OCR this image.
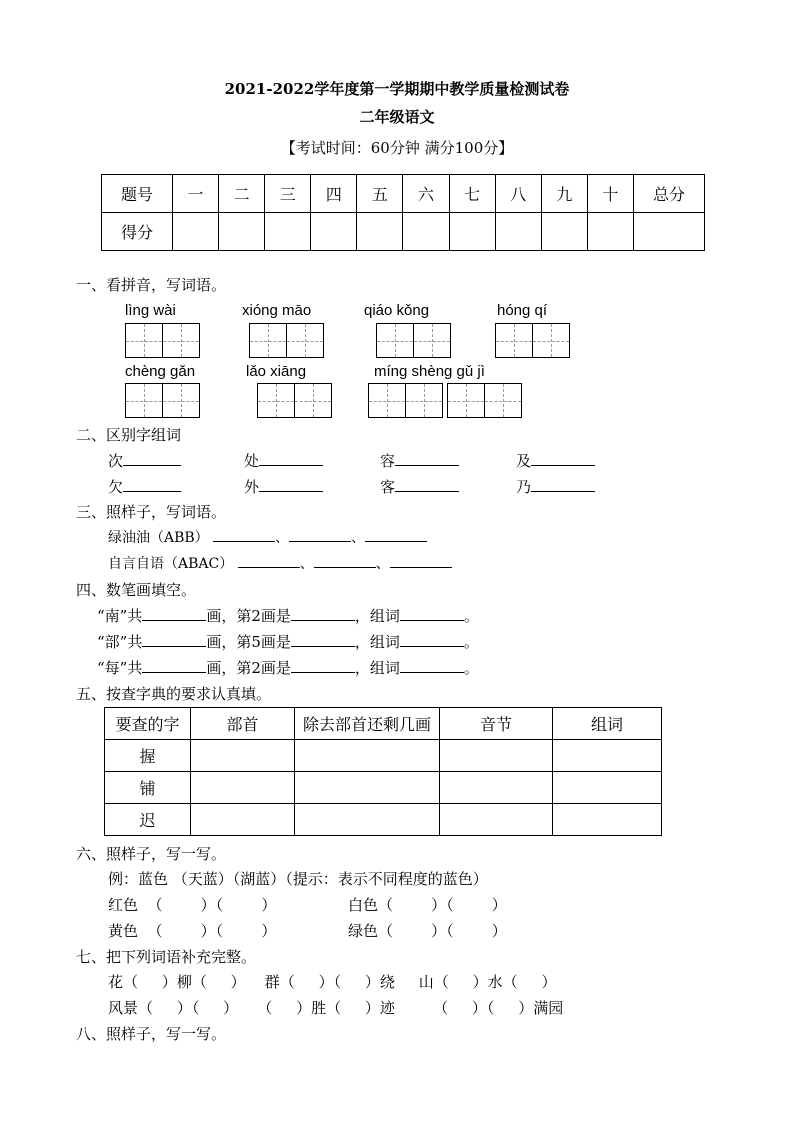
2021-2022学年度第一学期期中教学质量检测试卷
二年级语文
【考试时间：60分钟 满分100分】
题号	一	二	三	四	五	六	七	八	九	十	总分
得分											
一、看拼音，写词语。
lìng wài	xióng māo	qiáo kǒng	hóng qí
chèng gǎn	lǎo xiāng	míng shèng gǔ jì
二、区别字组词
次	处	容	及
欠	外	客	乃
三、照样子，写词语。
绿油油（ABB）	、	、
自言自语（ABAC）	、	、
四、数笔画填空。
“南”共	画，第2画是	，组词	。
“部”共	画，第5画是	，组词	。
“每”共	画，第2画是	，组词	。
五、按查字典的要求认真填。
要查的字	部首	除去部首还剩几画	音节	组词
握				
铺				
迟				
六、照样子，写一写。
例：蓝色 （天蓝）（湖蓝）（提示：表示不同程度的蓝色）
红色  （        ）（        ）	白色（        ）（        ）
黄色  （        ）（        ）	绿色（        ）（        ）
七、把下列词语补充完整。
花（     ）柳（     ）    群（     ）（     ）绕     山（     ）水（     ）
风景（     ）（     ）    （     ）胜（     ）迹        （     ）（     ）满园
八、照样子，写一写。
